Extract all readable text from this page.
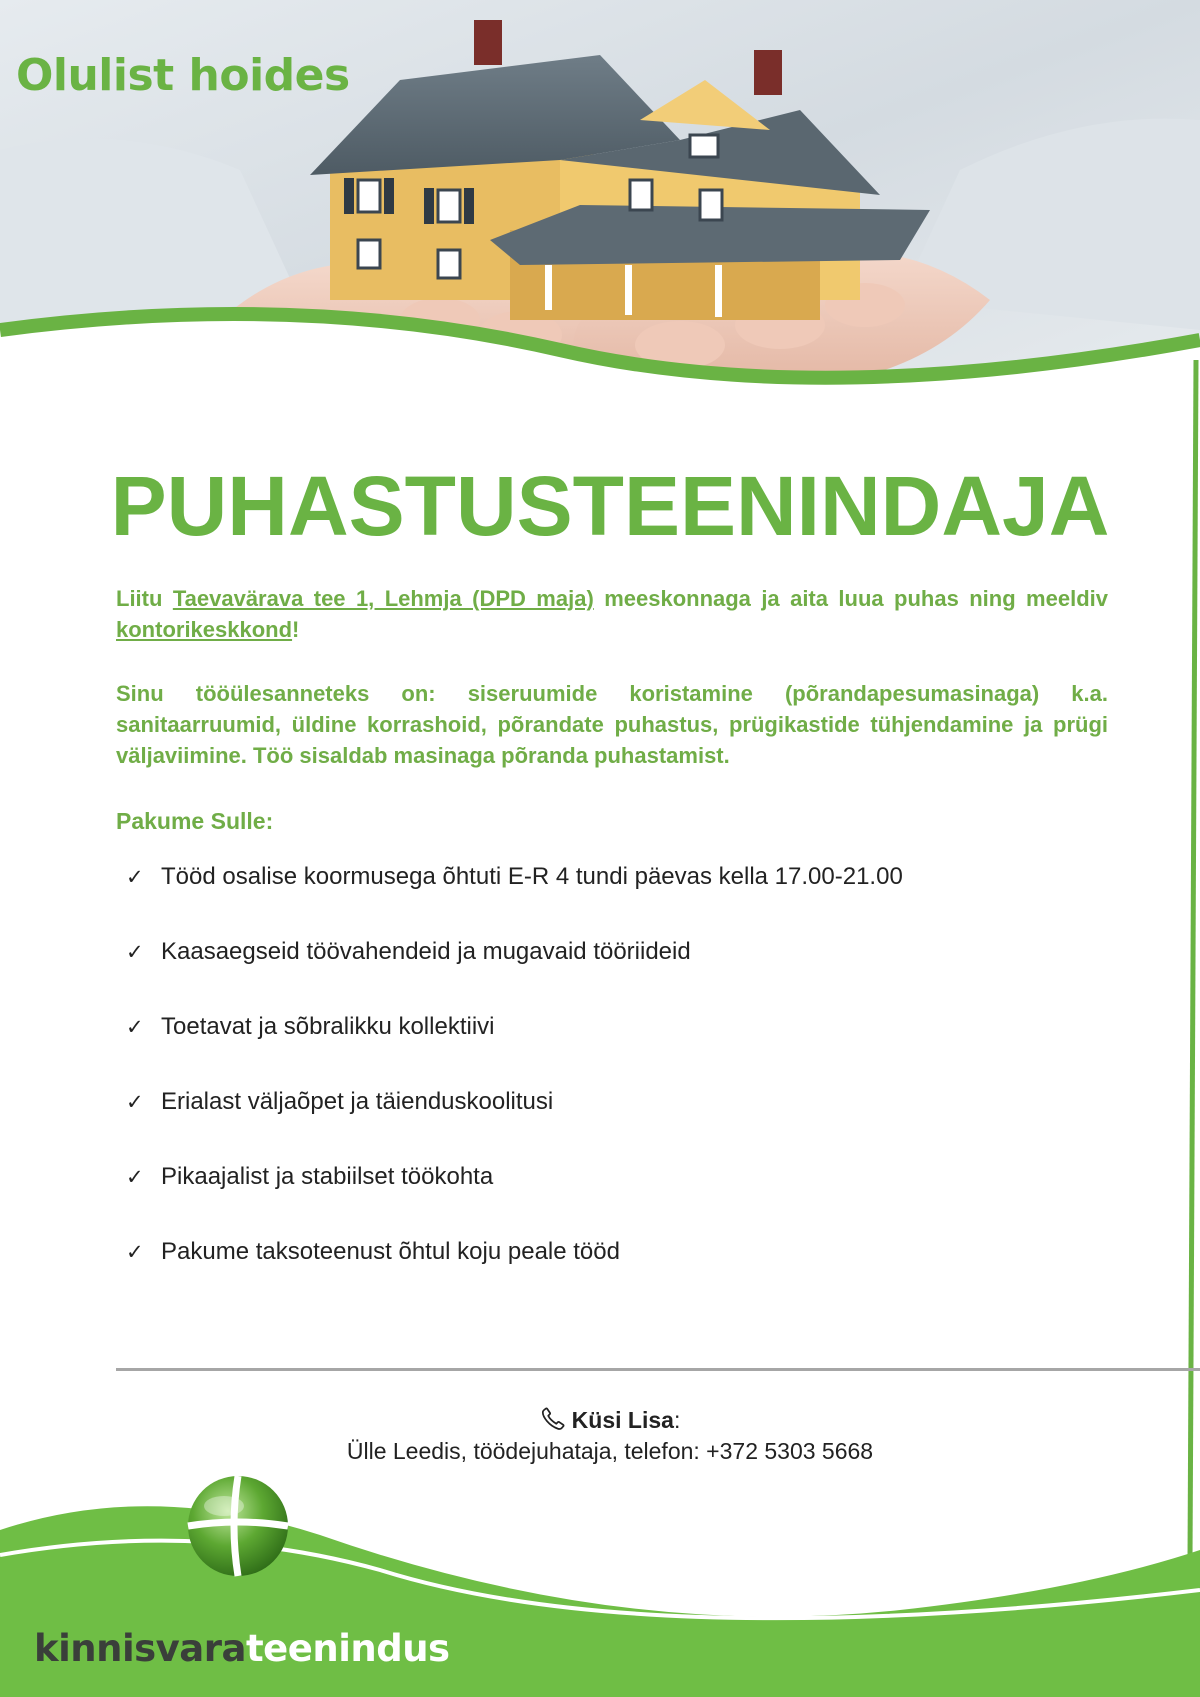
Olulist hoides
PUHASTUSTEENINDAJA

Liitu Taevavärava tee 1, Lehmja (DPD maja) meeskonnaga ja aita luua puhas ning meeldiv kontorikeskkond!

Sinu tööülesanneteks on: siseruumide koristamine (põrandapesumasinaga) k.a. sanitaarruumid, üldine korrashoid, põrandate puhastus, prügikastide tühjendamine ja prügi väljaviimine. Töö sisaldab masinaga põranda puhastamist.

Pakume Sulle:
✓ Tööd osalise koormusega õhtuti E-R 4 tundi päevas kella 17.00-21.00
✓ Kaasaegseid töövahendeid ja mugavaid tööriideid
✓ Toetavat ja sõbralikku kollektiivi
✓ Erialast väljaõpet ja täienduskoolitusi
✓ Pikaajalist ja stabiilset töökohta
✓ Pakume taksoteenust õhtul koju peale tööd
Küsi Lisa:
Ülle Leedis, töödejuhataja, telefon: +372 5303 5668

kinnisvarateenindus
